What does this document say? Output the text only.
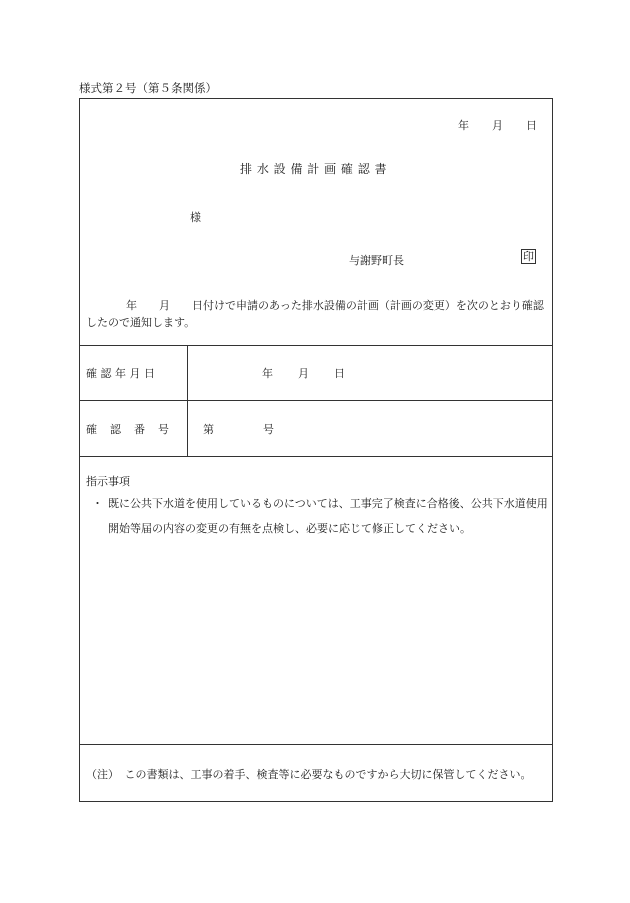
様式第２号（第５条関係）
年 月 日
排 水 設 備 計 画 確 認 書
様
与謝野町長	印
年 月 日付けで申請のあった排水設備の計画（計画の変更）を次のとおり確認したので通知します。
確 認 年 月 日	年 月 日
確　認　番　号	第	号
指示事項
・ 既に公共下水道を使用しているものについては、工事完了検査に合格後、公共下水道使用開始等届の内容の変更の有無を点検し、必要に応じて修正してください。
（注）　この書類は、工事の着手、検査等に必要なものですから大切に保管してください。
